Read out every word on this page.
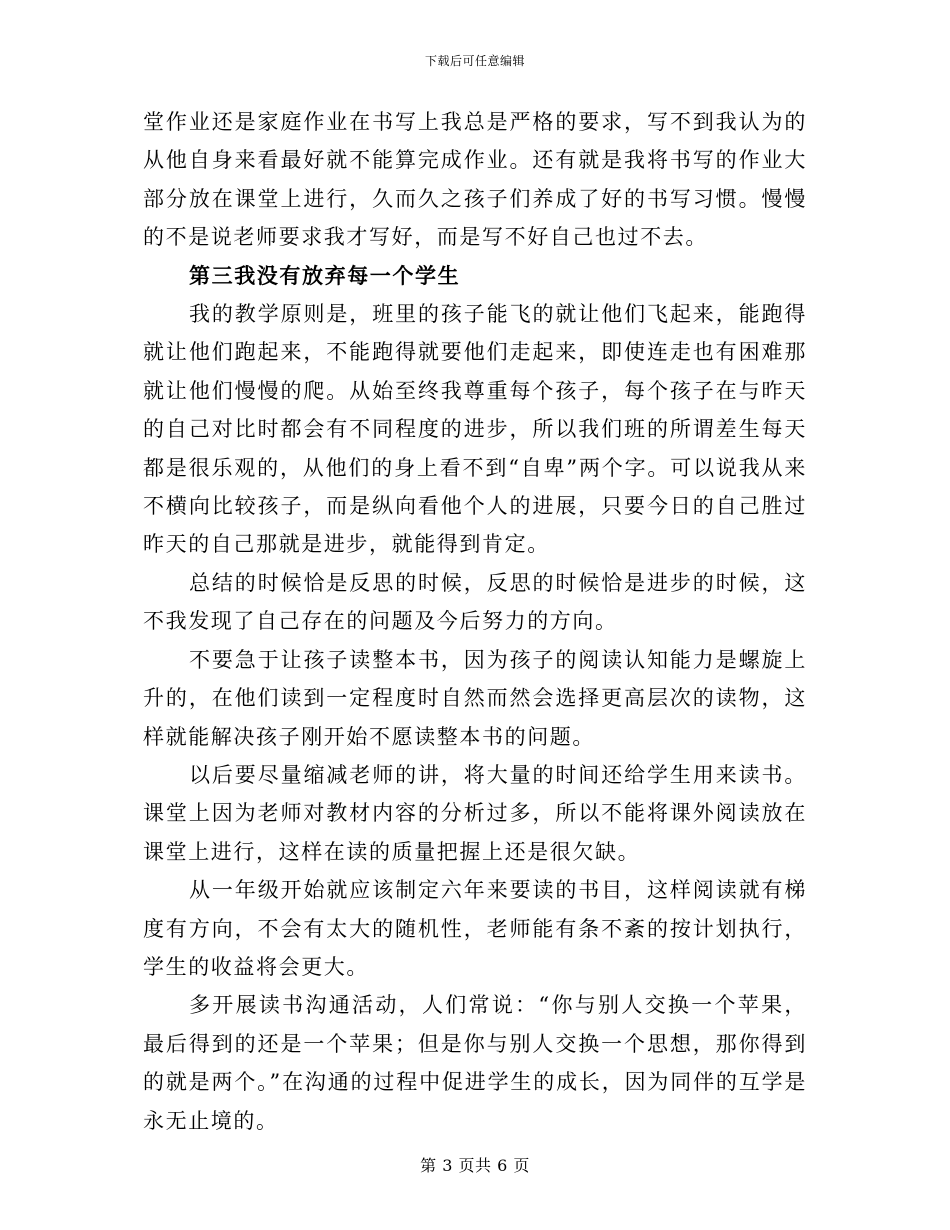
下载后可任意编辑

堂作业还是家庭作业在书写上我总是严格的要求，写不到我认为的从他自身来看最好就不能算完成作业。还有就是我将书写的作业大部分放在课堂上进行，久而久之孩子们养成了好的书写习惯。慢慢的不是说老师要求我才写好，而是写不好自己也过不去。

第三我没有放弃每一个学生

我的教学原则是，班里的孩子能飞的就让他们飞起来，能跑得就让他们跑起来，不能跑得就要他们走起来，即使连走也有困难那就让他们慢慢的爬。从始至终我尊重每个孩子，每个孩子在与昨天的自己对比时都会有不同程度的进步，所以我们班的所谓差生每天都是很乐观的，从他们的身上看不到“自卑”两个字。可以说我从来不横向比较孩子，而是纵向看他个人的进展，只要今日的自己胜过昨天的自己那就是进步，就能得到肯定。

总结的时候恰是反思的时候，反思的时候恰是进步的时候，这不我发现了自己存在的问题及今后努力的方向。

不要急于让孩子读整本书，因为孩子的阅读认知能力是螺旋上升的，在他们读到一定程度时自然而然会选择更高层次的读物，这样就能解决孩子刚开始不愿读整本书的问题。

以后要尽量缩减老师的讲，将大量的时间还给学生用来读书。课堂上因为老师对教材内容的分析过多，所以不能将课外阅读放在课堂上进行，这样在读的质量把握上还是很欠缺。

从一年级开始就应该制定六年来要读的书目，这样阅读就有梯度有方向，不会有太大的随机性，老师能有条不紊的按计划执行，学生的收益将会更大。

多开展读书沟通活动，人们常说：“你与别人交换一个苹果，最后得到的还是一个苹果；但是你与别人交换一个思想，那你得到的就是两个。”在沟通的过程中促进学生的成长，因为同伴的互学是永无止境的。

第 3 页共 6 页
